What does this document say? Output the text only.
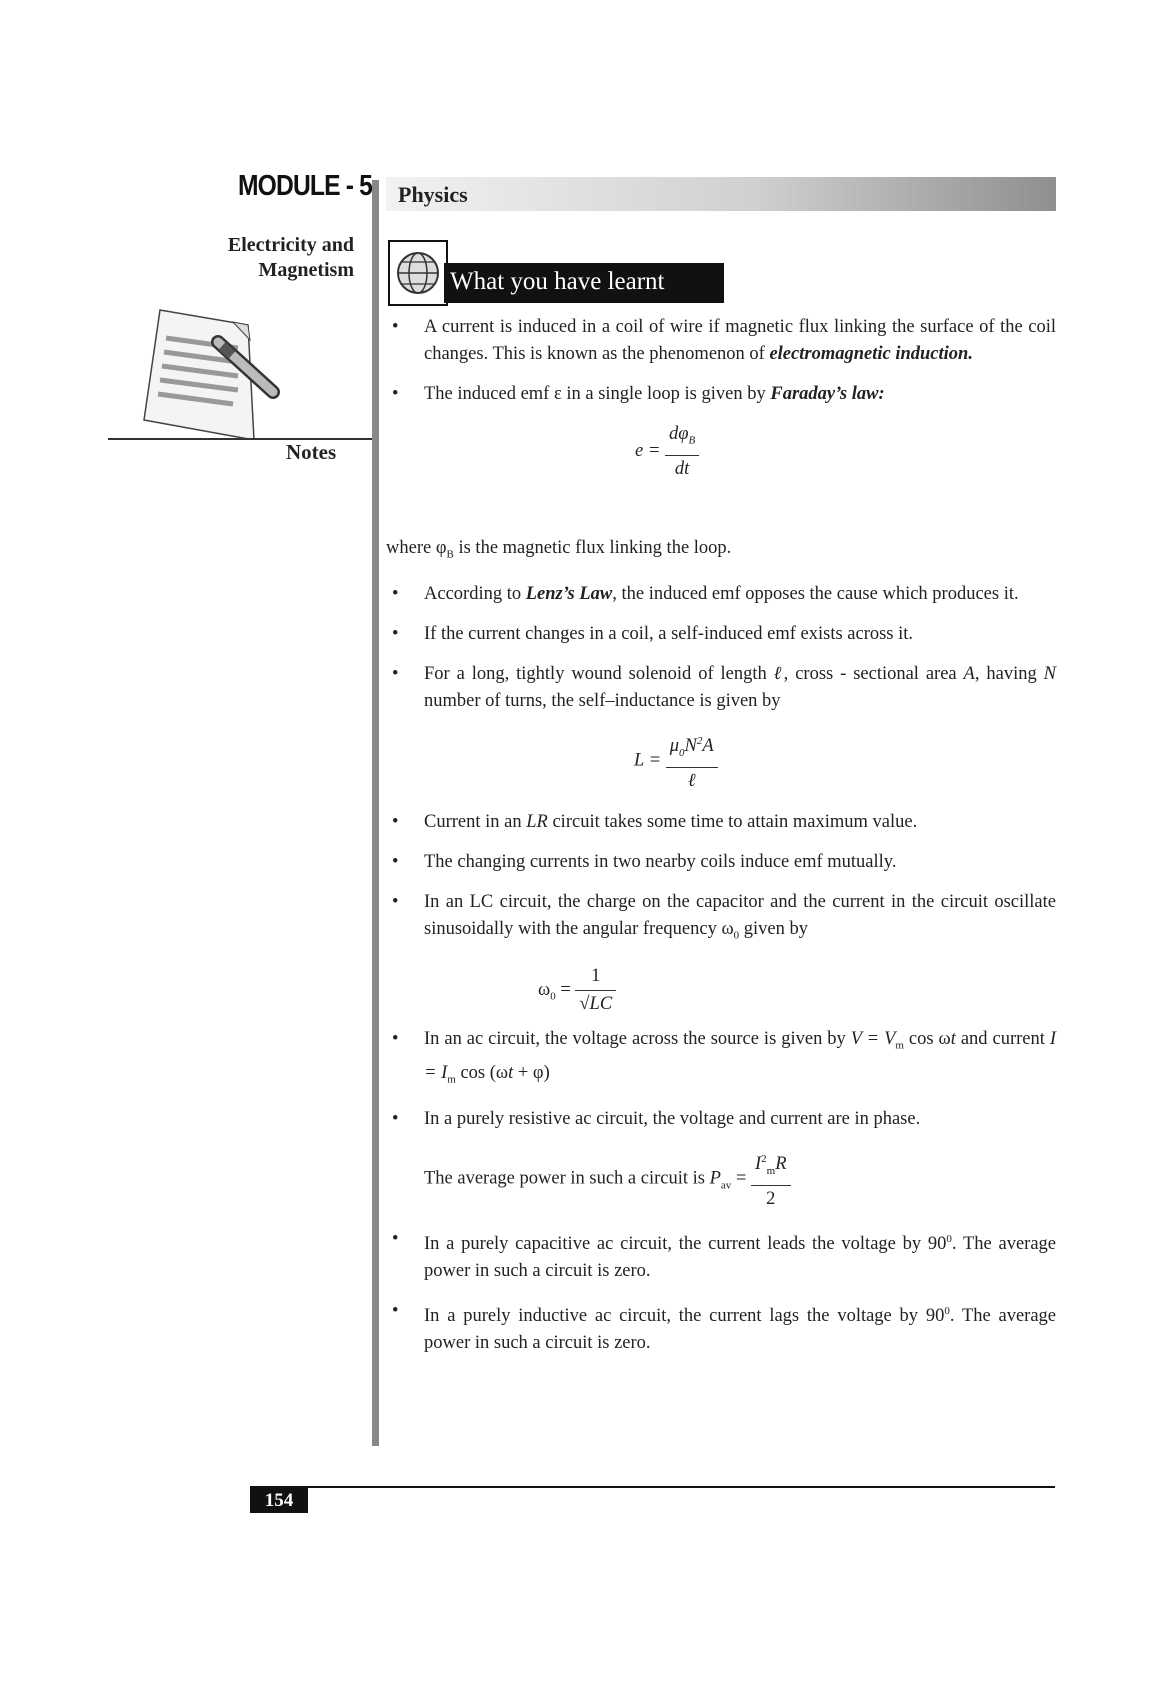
MODULE - 5
Electricity and
Magnetism
Notes
Physics
What you have learnt
• A current is induced in a coil of wire if magnetic flux linking the surface of the coil changes. This is known as the phenomenon of electromagnetic induction.
• The induced emf ε in a single loop is given by Faraday’s law:
$e = \frac{d\varphi_B}{dt}$
where $\varphi_B$ is the magnetic flux linking the loop.
• According to Lenz’s Law, the induced emf opposes the cause which produces it.
• If the current changes in a coil, a self-induced emf exists across it.
• For a long, tightly wound solenoid of length ℓ, cross - sectional area A, having N number of turns, the self–inductance is given by
$L = \frac{\mu_0N^2A}{\text{ℓ}}$
• Current in an LR circuit takes some time to attain maximum value.
• The changing currents in two nearby coils induce emf mutually.
• In an LC circuit, the charge on the capacitor and the current in the circuit oscillate sinusoidally with the angular frequency $\omega_0$ given by
$\omega_0 = \frac{1}{√LC}$
• In an ac circuit, the voltage across the source is given by $V = V_m$ cos ωt and current $I = I_m$ cos (ωt + φ)
• In a purely resistive ac circuit, the voltage and current are in phase.
The average power in such a circuit is $P_{av} = \frac{I^2_mR}{2}$
• In a purely capacitive ac circuit, the current leads the voltage by $90^0$. The average power in such a circuit is zero.
• In a purely inductive ac circuit, the current lags the voltage by $90^0$. The average power in such a circuit is zero.
154
